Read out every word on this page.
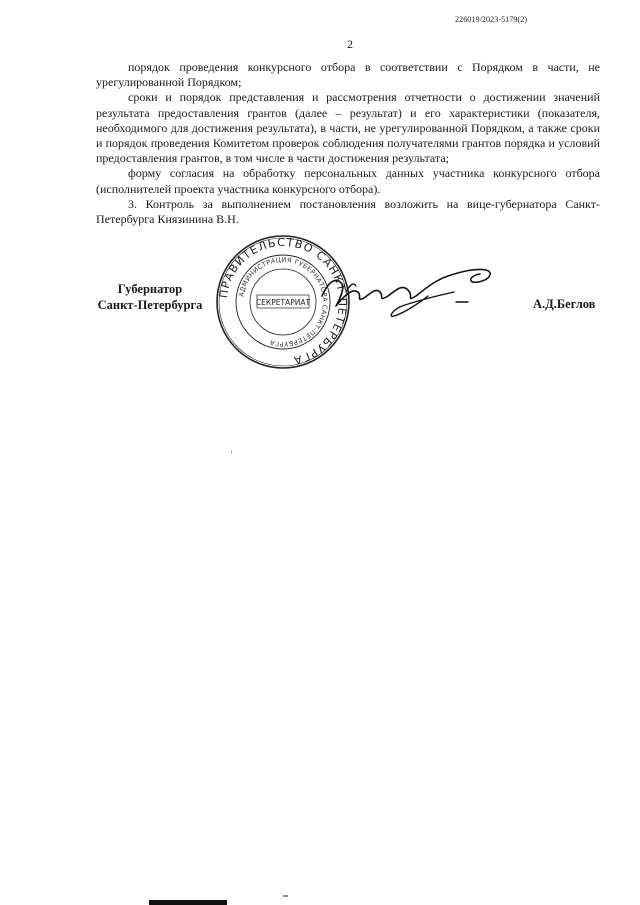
226019/2023-5179(2)
2

порядок проведения конкурсного отбора в соответствии с Порядком в части, не урегулированной Порядком;

сроки и порядок представления и рассмотрения отчетности о достижении значений результата предоставления грантов (далее – результат) и его характеристики (показателя, необходимого для достижения результата), в части, не урегулированной Порядком, а также сроки и порядок проведения Комитетом проверок соблюдения получателями грантов порядка и условий предоставления грантов, в том числе в части достижения результата;

форму согласия на обработку персональных данных участника конкурсного отбора (исполнителей проекта участника конкурсного отбора).

3. Контроль за выполнением постановления возложить на вице-губернатора Санкт-Петербурга Князинина В.Н.

Губернатор
Санкт-Петербурга
ПРАВИТЕЛЬСТВО САНКТ-ПЕТЕРБУРГА
АДМИНИСТРАЦИЯ ГУБЕРНАТОРА САНКТ-ПЕТЕРБУРГА
СЕКРЕТАРИАТ	А.Д.Беглов
